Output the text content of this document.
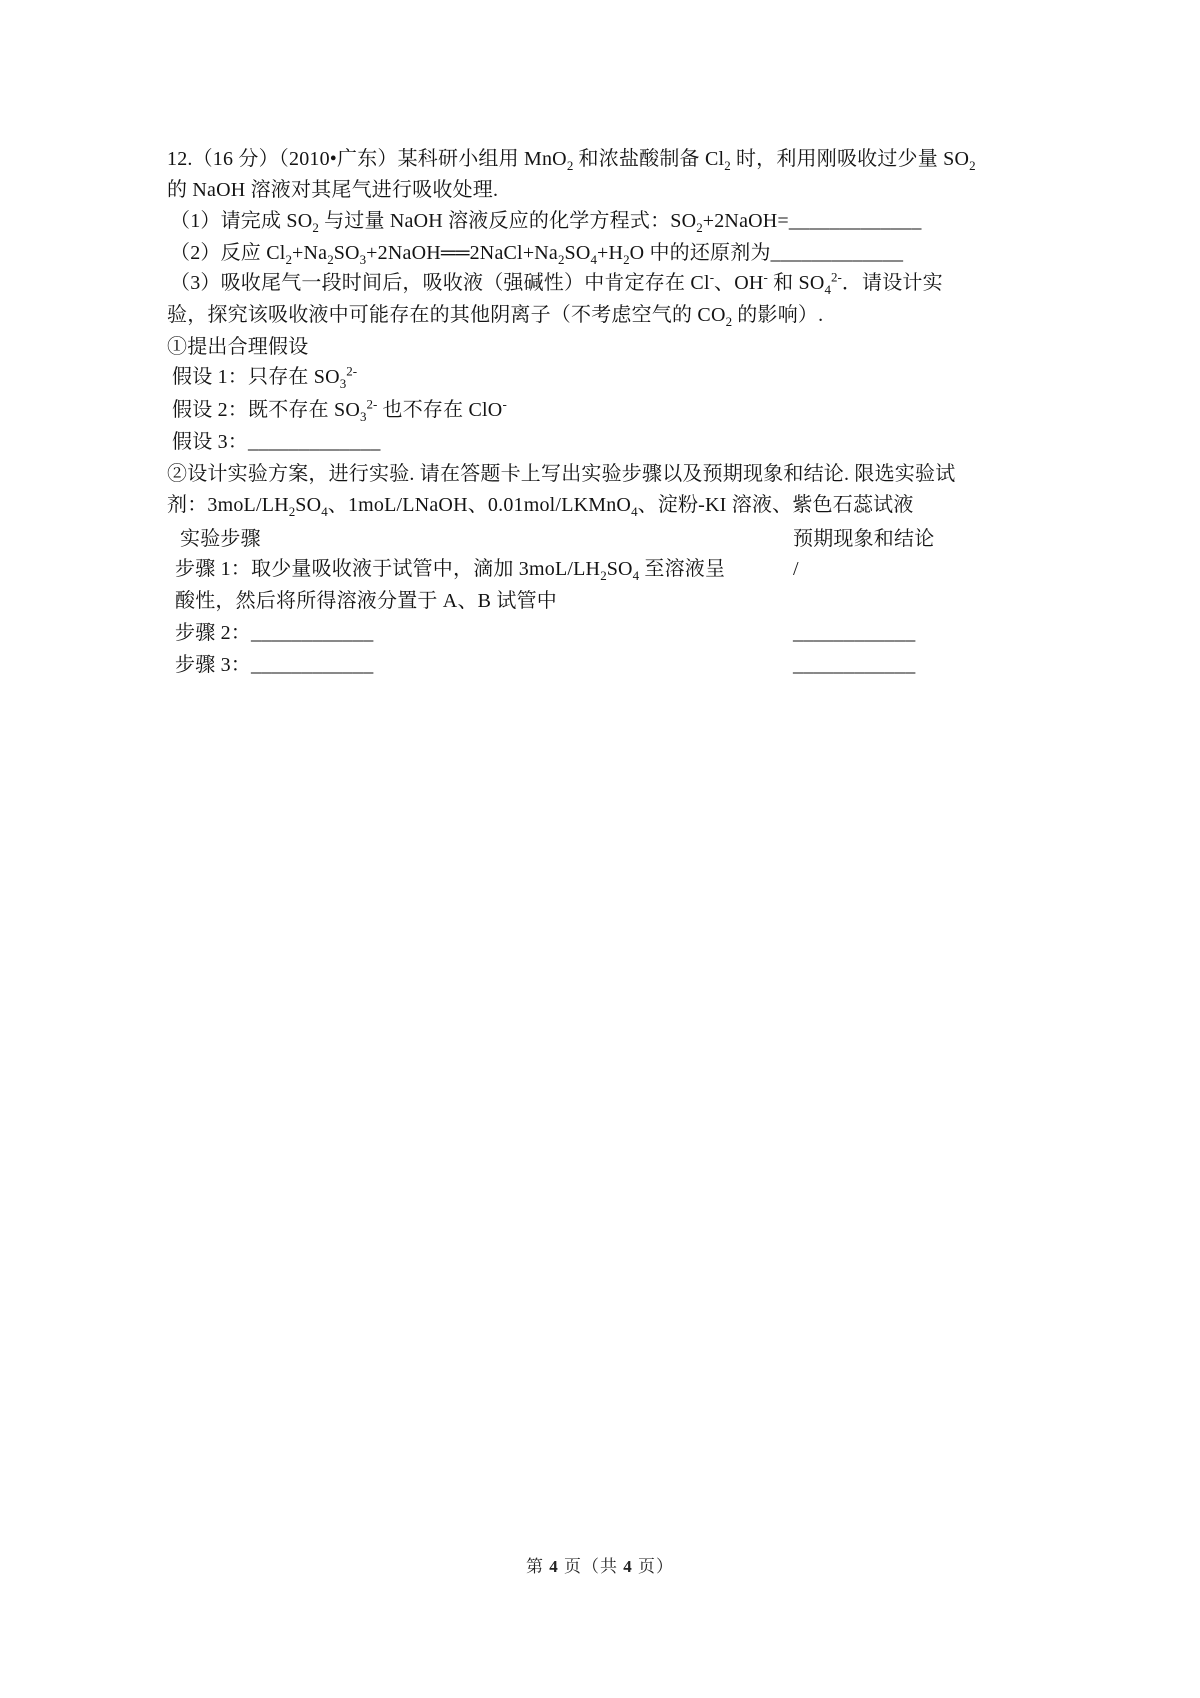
12.（16 分）（2010•广东）某科研小组用 MnO$_2$ 和浓盐酸制备 $Cl_2$ 时，利用刚吸收过少量 $SO_2$
的 NaOH 溶液对其尾气进行吸收处理.
（1）请完成 $SO_2$ 与过量 NaOH 溶液反应的化学方程式：$SO_2+2NaOH=\_\_\_\_\_\_\_\_\_\_\_\_\_$
（2）反应 $Cl_2+Na_2SO_3+2NaOH══2NaCl+Na_2SO_4+H_2O$ 中的还原剂为_____________
（3）吸收尾气一段时间后，吸收液（强碱性）中肯定存在 Cl-、OH- 和 $SO_4^{2-}$．请设计实
验，探究该吸收液中可能存在的其他阴离子（不考虑空气的 $CO_2$ 的影响）.
①提出合理假设
假设 1：只存在 $SO_3^{2-}$
假设 2：既不存在 $SO_3^{2-}$ 也不存在 ClO-
假设 3：_____________
②设计实验方案，进行实验. 请在答题卡上写出实验步骤以及预期现象和结论. 限选实验试
剂：$3moL/LH_2SO_4$、1moL/LNaOH、0.01mol/LKMnO$_4$、淀粉‐KI 溶液、紫色石蕊试液
实验步骤	预期现象和结论
步骤 1：取少量吸收液于试管中，滴加 $3moL/LH_2SO_4$ 至溶液呈	/
酸性，然后将所得溶液分置于 A、B 试管中
步骤 2：____________	____________
步骤 3：____________	____________
第 4 页（共 4 页）
